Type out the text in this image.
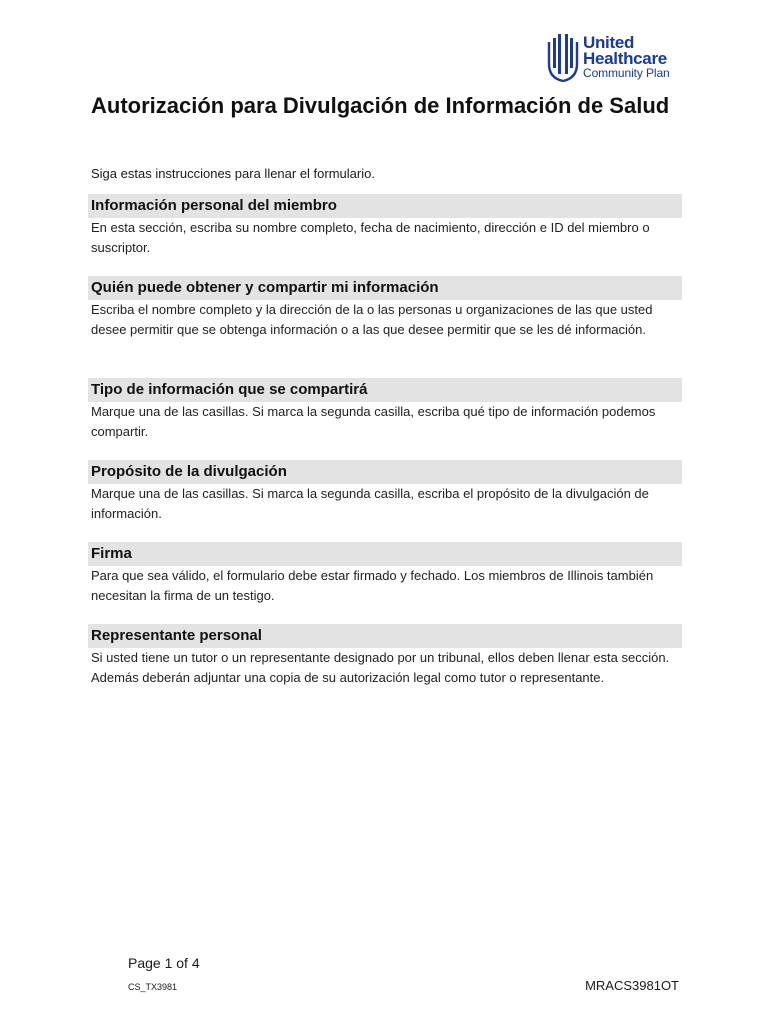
United
Healthcare
Community Plan
Autorización para Divulgación de Información de Salud

Siga estas instrucciones para llenar el formulario.

Información personal del miembro

En esta sección, escriba su nombre completo, fecha de nacimiento, dirección e ID del miembro o suscriptor.

Quién puede obtener y compartir mi información

Escriba el nombre completo y la dirección de la o las personas u organizaciones de las que usted desee permitir que se obtenga información o a las que desee permitir que se les dé información.

Tipo de información que se compartirá

Marque una de las casillas. Si marca la segunda casilla, escriba qué tipo de información podemos compartir.

Propósito de la divulgación

Marque una de las casillas. Si marca la segunda casilla, escriba el propósito de la divulgación de información.

Firma

Para que sea válido, el formulario debe estar firmado y fechado. Los miembros de Illinois también necesitan la firma de un testigo.

Representante personal

Si usted tiene un tutor o un representante designado por un tribunal, ellos deben llenar esta sección. Además deberán adjuntar una copia de su autorización legal como tutor o representante.

Page 1 of 4
CS_TX3981	MRACS3981OT
